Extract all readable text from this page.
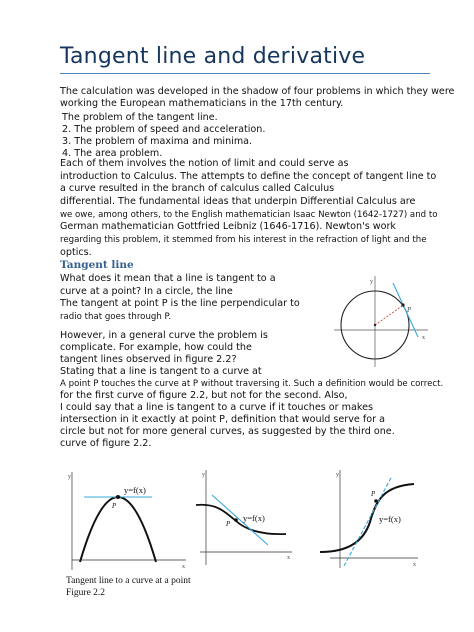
Tangent line and derivative
The calculation was developed in the shadow of four problems in which they were
working the European mathematicians in the 17th century.
The problem of the tangent line.
2. The problem of speed and acceleration.
3. The problem of maxima and minima.
4. The area problem.
Each of them involves the notion of limit and could serve as
introduction to Calculus. The attempts to define the concept of tangent line to
a curve resulted in the branch of calculus called Calculus
differential. The fundamental ideas that underpin Differential Calculus are
we owe, among others, to the English mathematician Isaac Newton (1642-1727) and to
German mathematician Gottfried Leibniz (1646-1716). Newton's work
regarding this problem, it stemmed from his interest in the refraction of light and the
optics.
Tangent line
What does it mean that a line is tangent to a
curve at a point? In a circle, the line
The tangent at point P is the line perpendicular to
radio that goes through P.
However, in a general curve the problem is
complicate. For example, how could the
tangent lines observed in figure 2.2?
Stating that a line is tangent to a curve at
A point P touches the curve at P without traversing it. Such a definition would be correct.
for the first curve of figure 2.2, but not for the second. Also,
I could say that a line is tangent to a curve if it touches or makes
intersection in it exactly at point P, definition that would serve for a
circle but not for more general curves, as suggested by the third one.
curve of figure 2.2.
y
x
P
y
x
P
y=f(x)
y
x
P
y=f(x)
y
x
P
y=f(x)
Tangent line to a curve at a point
Figure 2.2
